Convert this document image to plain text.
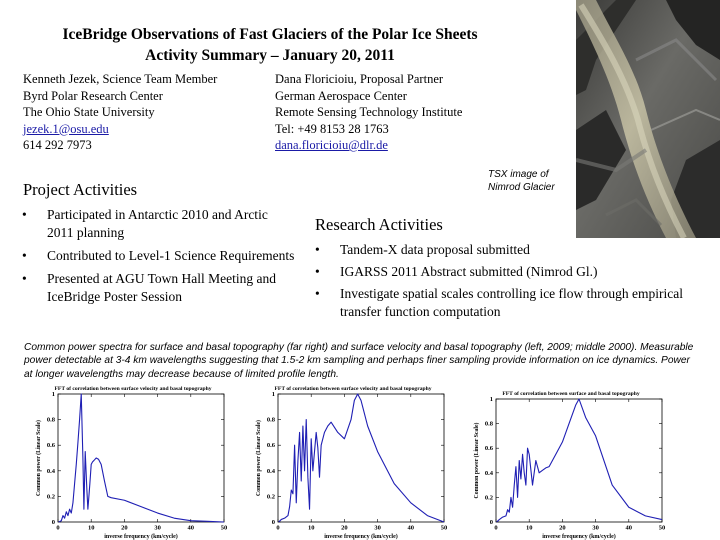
IceBridge Observations of Fast Glaciers of the Polar Ice Sheets
Activity Summary – January 20, 2011
Kenneth Jezek, Science Team Member
Byrd Polar Research Center
The Ohio State University
jezek.1@osu.edu
614 292 7973
Dana Floricioiu, Proposal Partner
German Aerospace Center
Remote Sensing Technology Institute
Tel: +49 8153 28 1763
dana.floricioiu@dlr.de
TSX image of Nimrod Glacier
Project Activities
• Participated in Antarctic 2010 and Arctic 2011 planning
• Contributed to Level-1 Science Requirements
• Presented at AGU Town Hall Meeting and IceBridge Poster Session
Research Activities
• Tandem-X data proposal submitted
• IGARSS 2011 Abstract submitted (Nimrod Gl.)
• Investigate spatial scales controlling ice flow through empirical transfer function computation
Common power spectra for surface and basal topography (far right) and surface velocity and basal topography (left, 2009; middle 2000). Measurable power detectable at 3-4 km wavelengths suggesting that 1.5-2 km sampling and perhaps finer sampling provide information on ice dynamics. Power at longer wavelengths may decrease because of limited profile length.
FFT of correlation between surface velocity and basal topography
0	10	20	30	40	50
0
0.2
0.4
0.6
0.8
1
inverse frequency (km/cycle)
Common power (Linear Scale)
FFT of correlation between surface velocity and basal topography
0	10	20	30	40	50
0
0.2
0.4
0.6
0.8
1
inverse frequency (km/cycle)
Common power (Linear Scale)
FFT of correlation between surface and basal topography
0	10	20	30	40	50
0
0.2
0.4
0.6
0.8
1
inverse frequency (km/cycle)
Common power (Linear Scale)
